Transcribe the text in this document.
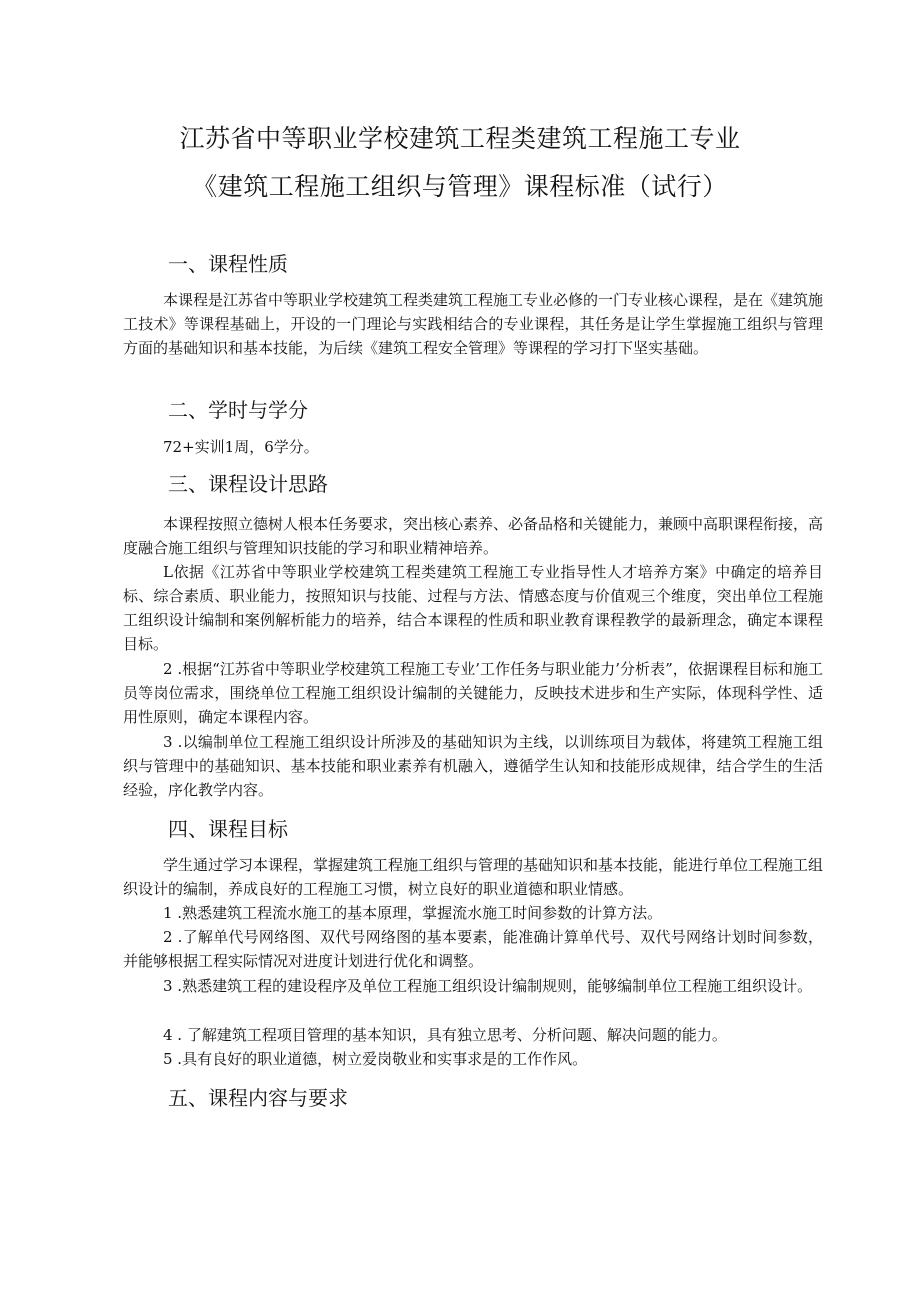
江苏省中等职业学校建筑工程类建筑工程施工专业
《建筑工程施工组织与管理》课程标准（试行）
一、课程性质

本课程是江苏省中等职业学校建筑工程类建筑工程施工专业必修的一门专业核心课程，是在《建筑施工技术》等课程基础上，开设的一门理论与实践相结合的专业课程，其任务是让学生掌握施工组织与管理方面的基础知识和基本技能，为后续《建筑工程安全管理》等课程的学习打下坚实基础。

二、学时与学分
72+实训1周，6学分。
三、课程设计思路

本课程按照立德树人根本任务要求，突出核心素养、必备品格和关键能力，兼顾中高职课程衔接，高度融合施工组织与管理知识技能的学习和职业精神培养。

L依据《江苏省中等职业学校建筑工程类建筑工程施工专业指导性人才培养方案》中确定的培养目标、综合素质、职业能力，按照知识与技能、过程与方法、情感态度与价值观三个维度，突出单位工程施工组织设计编制和案例解析能力的培养，结合本课程的性质和职业教育课程教学的最新理念，确定本课程目标。

2 .根据“江苏省中等职业学校建筑工程施工专业’工作任务与职业能力’分析表”，依据课程目标和施工员等岗位需求，围绕单位工程施工组织设计编制的关键能力，反映技术进步和生产实际，体现科学性、适用性原则，确定本课程内容。

3 .以编制单位工程施工组织设计所涉及的基础知识为主线，以训练项目为载体，将建筑工程施工组织与管理中的基础知识、基本技能和职业素养有机融入，遵循学生认知和技能形成规律，结合学生的生活经验，序化教学内容。

四、课程目标

学生通过学习本课程，掌握建筑工程施工组织与管理的基础知识和基本技能，能进行单位工程施工组织设计的编制，养成良好的工程施工习惯，树立良好的职业道德和职业情感。

1 .熟悉建筑工程流水施工的基本原理，掌握流水施工时间参数的计算方法。

2 .了解单代号网络图、双代号网络图的基本要素，能准确计算单代号、双代号网络计划时间参数，并能够根据工程实际情况对进度计划进行优化和调整。

3 .熟悉建筑工程的建设程序及单位工程施工组织设计编制规则，能够编制单位工程施工组织设计。

4 . 了解建筑工程项目管理的基本知识，具有独立思考、分析问题、解决问题的能力。
5 .具有良好的职业道德，树立爱岗敬业和实事求是的工作作风。
五、课程内容与要求
